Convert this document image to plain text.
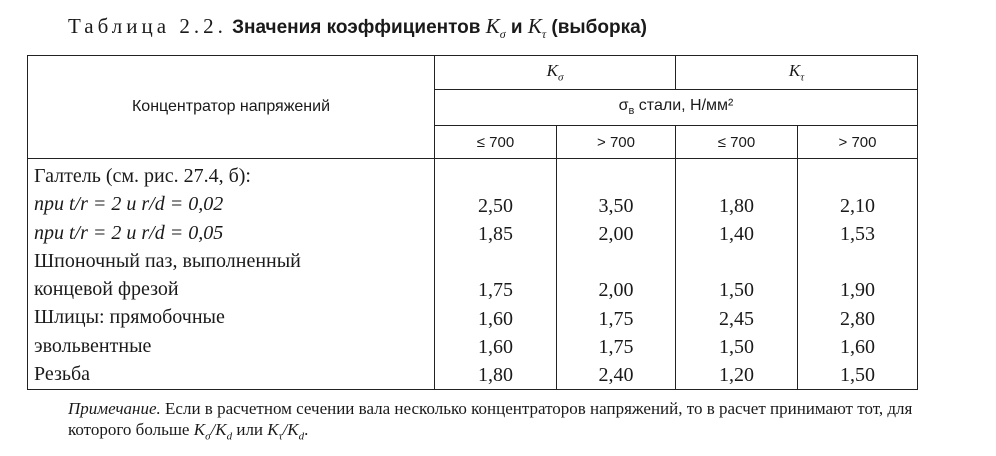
Таблица 2.2. Значения коэффициентов $K_\sigma$ и $K_\tau$ (выборка)
Концентратор напряжений	$K_\sigma$		$K_\tau$
	$\sigma_в$ стали, Н/мм²			
	≤ 700	> 700	≤ 700	> 700
Галтель (см. рис. 27.4, б):				
при t/r = 2 и r/d = 0,02	2,50	3,50	1,80	2,10
при t/r = 2 и r/d = 0,05	1,85	2,00	1,40	1,53
Шпоночный паз, выполненный				
концевой фрезой	1,75	2,00	1,50	1,90
Шлицы: прямобочные	1,60	1,75	2,45	2,80
эвольвентные	1,60	1,75	1,50	1,60
Резьба	1,80	2,40	1,20	1,50
Примечание. Если в расчетном сечении вала несколько концентраторов напряжений, то в расчет принимают тот, для которого больше $K_\sigma/K_d$ или $K_\tau/K_d$.
